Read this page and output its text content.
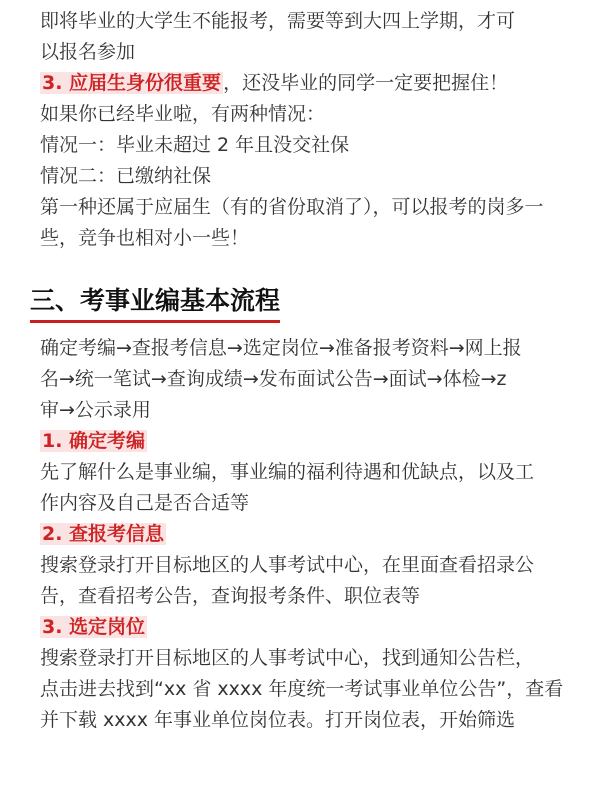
即将毕业的大学生不能报考，需要等到大四上学期，才可

以报名参加

3. 应届生身份很重要 ，还没毕业的同学一定要把握住！

如果你已经毕业啦，有两种情况：

情况一：毕业未超过 2 年且没交社保

情况二：已缴纳社保

第一种还属于应届生（有的省份取消了），可以报考的岗多一

些，竞争也相对小一些！

三、考事业编基本流程

确定考编→查报考信息→选定岗位→准备报考资料→网上报

名→统一笔试→查询成绩→发布面试公告→面试→体检→z

审→公示录用

1. 确定考编

先了解什么是事业编，事业编的福利待遇和优缺点，以及工

作内容及自己是否合适等

2. 查报考信息

搜索登录打开目标地区的人事考试中心，在里面查看招录公

告，查看招考公告，查询报考条件、职位表等

3. 选定岗位

搜索登录打开目标地区的人事考试中心，找到通知公告栏，

点击进去找到“xx 省 xxxx 年度统一考试事业单位公告”，查看

并下载 xxxx 年事业单位岗位表。打开岗位表，开始筛选
